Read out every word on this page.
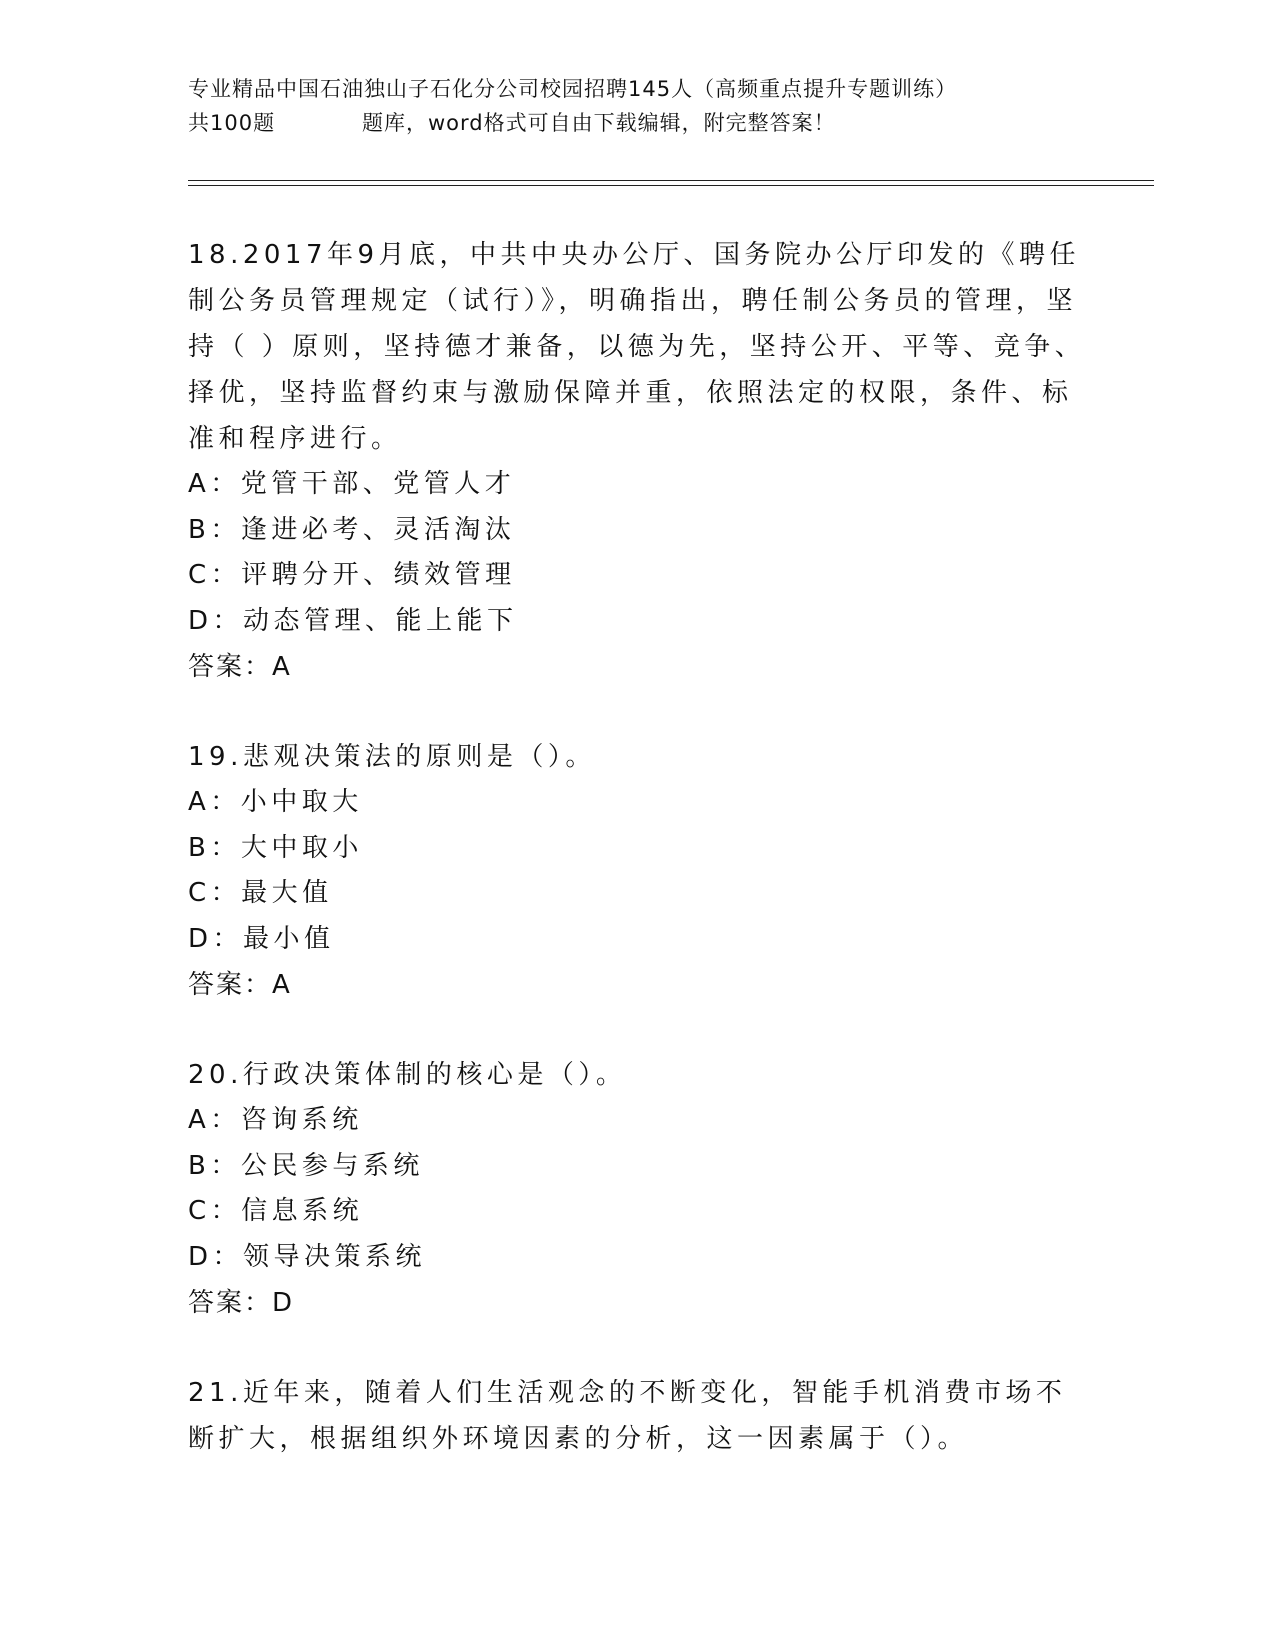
专业精品中国石油独山子石化分公司校园招聘145人（高频重点提升专题训练）
共100题	题库，word格式可自由下载编辑，附完整答案！

18.2017年9月底，中共中央办公厅、国务院办公厅印发的《聘任制公务员管理规定（试行）》，明确指出，聘任制公务员的管理，坚持（ ）原则，坚持德才兼备，以德为先，坚持公开、平等、竞争、择优，坚持监督约束与激励保障并重，依照法定的权限，条件、标准和程序进行。

A：党管干部、党管人才

B：逢进必考、灵活淘汰

C：评聘分开、绩效管理

D：动态管理、能上能下

答案：A

19.悲观决策法的原则是（）。

A：小中取大

B：大中取小

C：最大值

D：最小值

答案：A

20.行政决策体制的核心是（）。

A：咨询系统

B：公民参与系统

C：信息系统

D：领导决策系统

答案：D

21.近年来，随着人们生活观念的不断变化，智能手机消费市场不断扩大，根据组织外环境因素的分析，这一因素属于（）。
